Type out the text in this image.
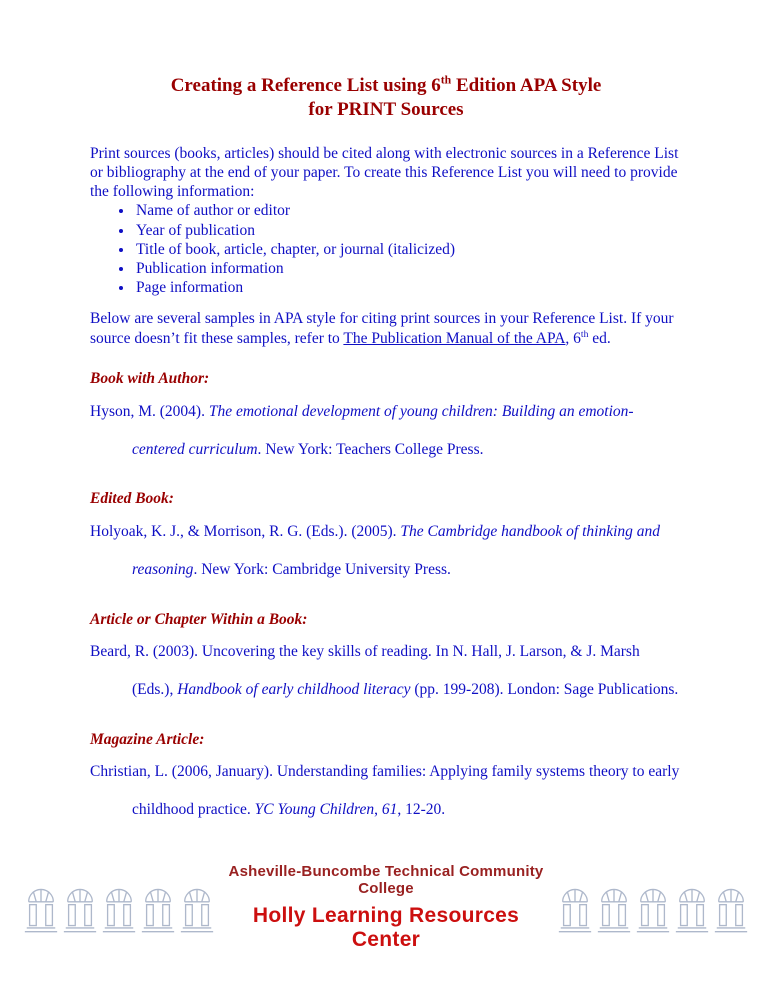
Creating a Reference List using 6th Edition APA Style
for PRINT Sources

Print sources (books, articles) should be cited along with electronic sources in a Reference List or bibliography at the end of your paper. To create this Reference List you will need to provide the following information:

• Name of author or editor
• Year of publication
• Title of book, article, chapter, or journal (italicized)
• Publication information
• Page information

Below are several samples in APA style for citing print sources in your Reference List. If your source doesn’t fit these samples, refer to The Publication Manual of the APA, 6th ed.

Book with Author:

Hyson, M. (2004). The emotional development of young children: Building an emotion-centered curriculum. New York: Teachers College Press.

Edited Book:

Holyoak, K. J., & Morrison, R. G. (Eds.). (2005). The Cambridge handbook of thinking and reasoning. New York: Cambridge University Press.

Article or Chapter Within a Book:

Beard, R. (2003). Uncovering the key skills of reading. In N. Hall, J. Larson, & J. Marsh (Eds.), Handbook of early childhood literacy (pp. 199-208). London: Sage Publications.

Magazine Article:

Christian, L. (2006, January). Understanding families: Applying family systems theory to early childhood practice. YC Young Children, 61, 12-20.

Asheville-Buncombe Technical Community College
Holly Learning Resources Center
